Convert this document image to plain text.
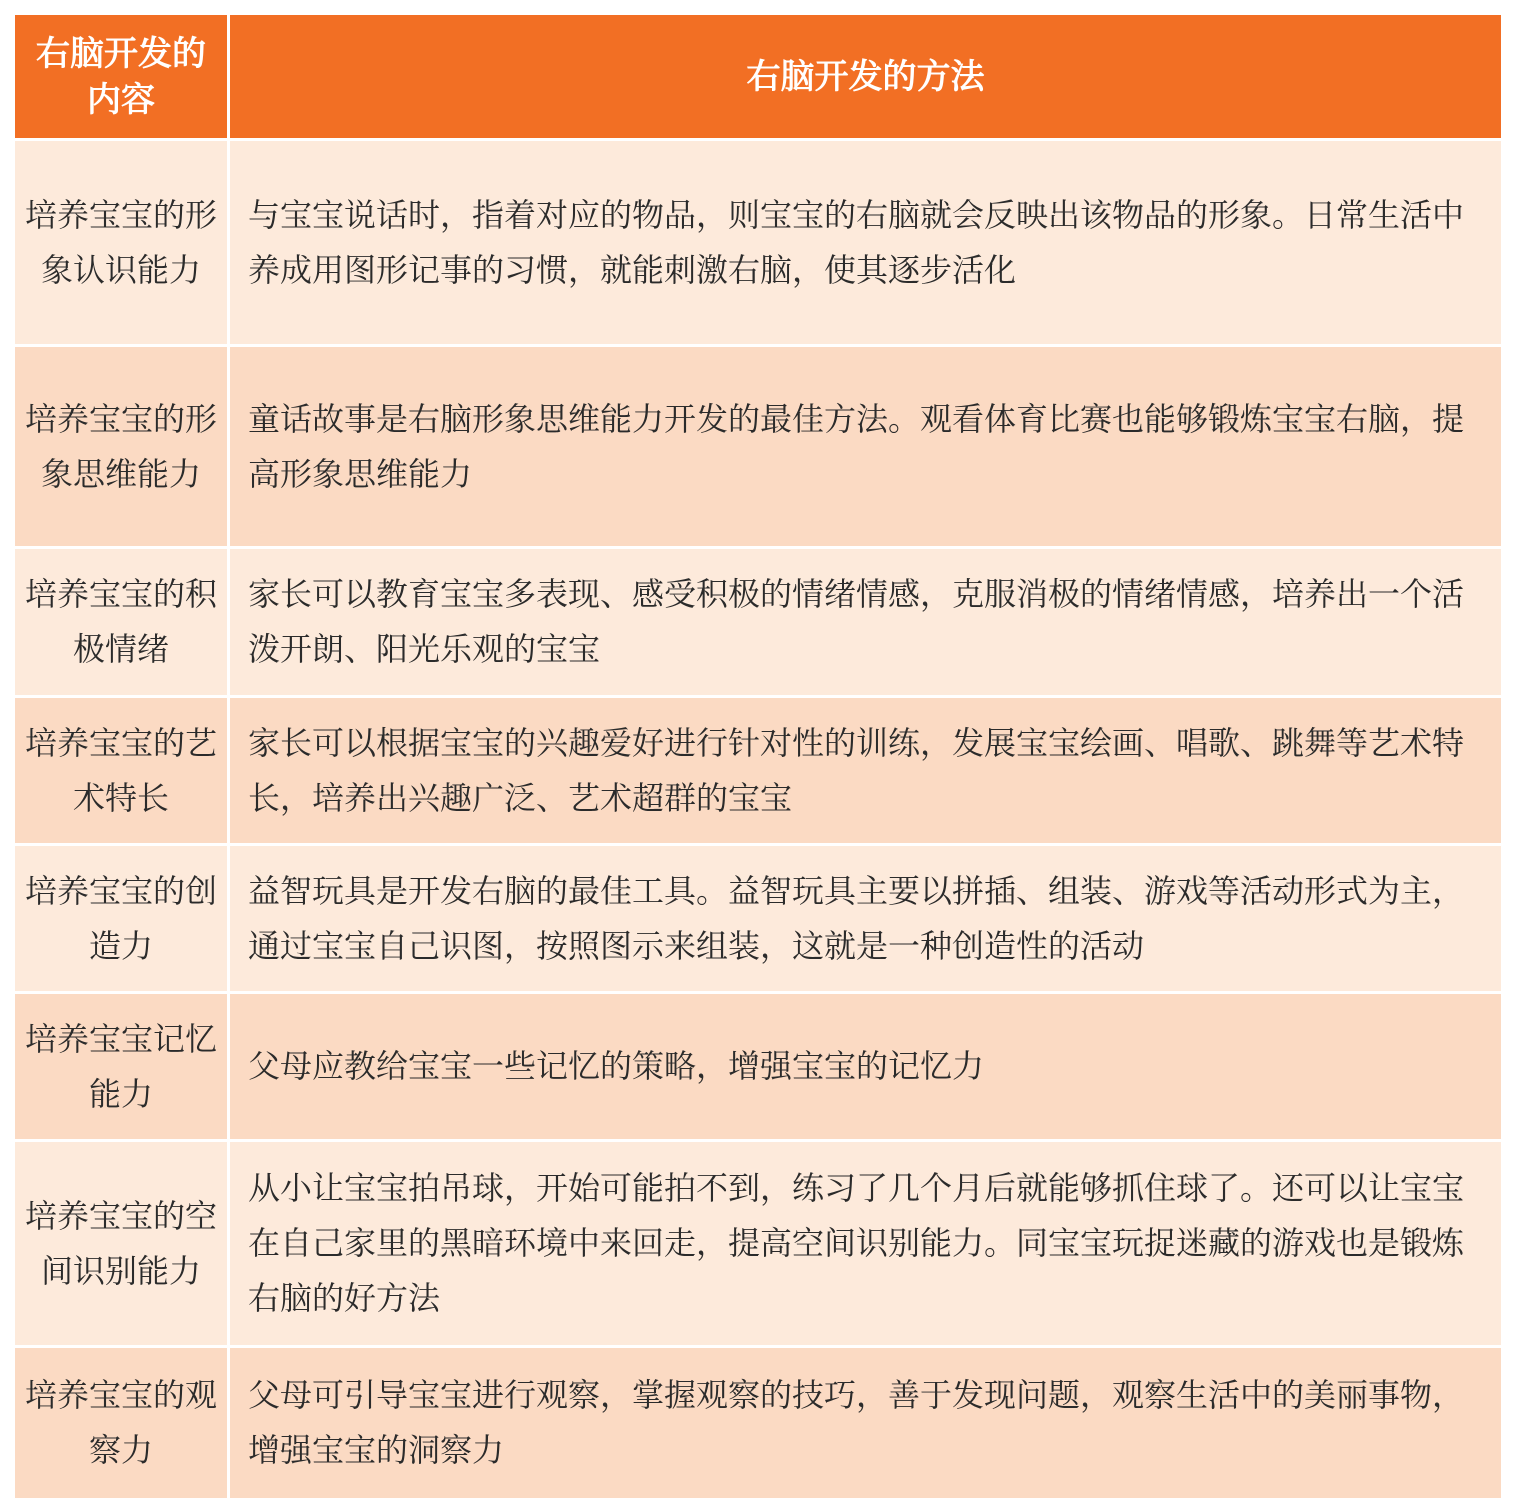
右脑开发的内容	右脑开发的方法
培养宝宝的形象认识能力	与宝宝说话时，指着对应的物品，则宝宝的右脑就会反映出该物品的形象。日常生活中养成用图形记事的习惯，就能刺激右脑，使其逐步活化
培养宝宝的形象思维能力	童话故事是右脑形象思维能力开发的最佳方法。观看体育比赛也能够锻炼宝宝右脑，提高形象思维能力
培养宝宝的积极情绪	家长可以教育宝宝多表现、感受积极的情绪情感，克服消极的情绪情感，培养出一个活泼开朗、阳光乐观的宝宝
培养宝宝的艺术特长	家长可以根据宝宝的兴趣爱好进行针对性的训练，发展宝宝绘画、唱歌、跳舞等艺术特长，培养出兴趣广泛、艺术超群的宝宝
培养宝宝的创造力	益智玩具是开发右脑的最佳工具。益智玩具主要以拼插、组装、游戏等活动形式为主，通过宝宝自己识图，按照图示来组装，这就是一种创造性的活动
培养宝宝记忆能力	父母应教给宝宝一些记忆的策略，增强宝宝的记忆力
培养宝宝的空间识别能力	从小让宝宝拍吊球，开始可能拍不到，练习了几个月后就能够抓住球了。还可以让宝宝在自己家里的黑暗环境中来回走，提高空间识别能力。同宝宝玩捉迷藏的游戏也是锻炼右脑的好方法
培养宝宝的观察力	父母可引导宝宝进行观察，掌握观察的技巧，善于发现问题，观察生活中的美丽事物，增强宝宝的洞察力
